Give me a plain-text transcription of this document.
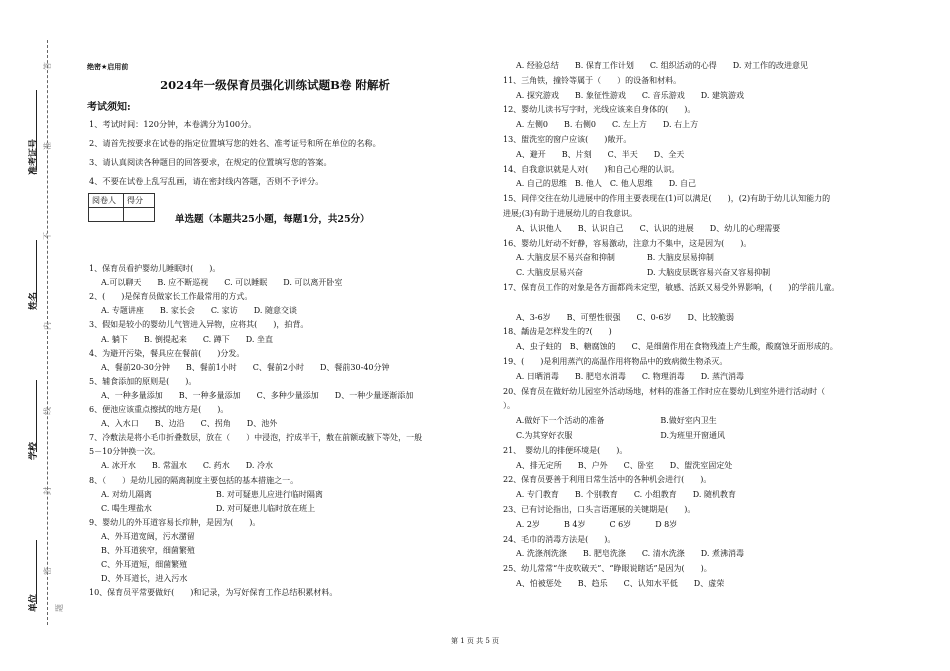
答
准
不
内
线
封
密
题
准考证号
姓名
学校
单位
绝密★启用前
2024年一级保育员强化训练试题B卷 附解析
考试须知:
1、考试时间：120分钟，本卷满分为100分。
2、请首先按要求在试卷的指定位置填写您的姓名、准考证号和所在单位的名称。
3、请认真阅读各种题目的回答要求，在规定的位置填写您的答案。
4、不要在试卷上乱写乱画，请在密封线内答题，否则不予评分。
阅卷人	得分

单选题（本题共25小题，每题1分，共25分）
1、保育员看护婴幼儿睡眠时(　　)。
A.可以聊天　　B. 应不断巡视　　C. 可以睡眠　　D. 可以离开卧室
2、(　　)是保育员做家长工作最常用的方式。
A. 专题讲座　　B. 家长会　　C. 家访　　D. 随意交谈
3、假如是较小的婴幼儿气管进入异物，应将其(　　)，拍背。
A. 躺下　　B. 倒提起来　　C. 蹲下　　D. 坐直
4、为避开污染，餐具应在餐前(　　)分发。
A、餐前20-30分钟　　B、餐前1小时　　C、餐前2小时　　D、餐前30-40分钟
5、辅食添加的原则是(　　)。
A、一种多量添加　　B、一种多量添加　　C、多种少量添加　　D、一种少量逐渐添加
6、便池应该重点擦拭的地方是(　　)。
A、入水口　　B、边沿　　C、拐角　　D、池外
7、冷敷法是将小毛巾折叠数层，放在（　　）中浸泡，拧成半干，敷在前额或腋下等处，一般
5－10分钟换一次。
A. 冰开水　　B. 常温水　　C. 药水　　D. 冷水
8、（　　）是幼儿园的隔离制度主要包括的基本措施之一。
A. 对幼儿隔离　　　　　　　　B. 对可疑患儿应进行临时隔离
C. 喝生理盐水　　　　　　　　D. 对可疑患儿临时放在班上
9、婴幼儿的外耳道容易长疖肿，是因为(　　)。
A、外耳道宽阔，污水潴留
B、外耳道狭窄，细菌繁殖
C、外耳道短，细菌繁殖
D、外耳道长，进入污水
10、保育员平常要做好(　　)和记录，为写好保育工作总结积累材料。
A. 经验总结　　B. 保育工作计划　　C. 组织活动的心得　　D. 对工作的改进意见
11、三角铁，撞铃等属于（　　）的设备和材料。
A. 探究游戏　　B. 象征性游戏　　C. 音乐游戏　　D. 建筑游戏
12、婴幼儿读书写字时，光线应该来自身体的(　　)。
A. 左侧0　　B. 右侧0　　C. 左上方　　D. 右上方
13、盥洗室的窗户应该(　　)敞开。
A、避开　　B、片刻　　C、半天　　D、全天
14、自我意识就是人对(　　)和自己心理的认识。
A. 自己的思维　B. 他人　C. 他人思维　　D. 自己
15、同伴交往在幼儿进展中的作用主要表现在(1)可以满足(　　)，(2)有助于幼儿认知能力的
进展;(3)有助于进展幼儿的自我意识。
A、认识他人　　B、认识自己　　C、认识的进展　　D、幼儿的心理需要
16、婴幼儿好动不好静，容易激动，注意力不集中，这是因为(　　)。
A. 大脑皮层不易兴奋和抑制　　　　B. 大脑皮层易抑制
C. 大脑皮层易兴奋　　　　　　　　D. 大脑皮层既容易兴奋又容易抑制
17、保育员工作的对象是各方面都尚未定型，敏感、活跃又易受外界影响，(　　)的学前儿童。
A、3-6岁　　B、可塑性很强　　C、0-6岁　　D、比较脆弱
18、龋齿是怎样发生的?(　　)
A、虫子蛀的　B、糖腐蚀的　　C、是细菌作用在食物残渣上产生酸，酸腐蚀牙面形成的。
19、(　　)是利用蒸汽的高温作用将物品中的致病微生物杀灭。
A. 日晒消毒　　B. 肥皂水消毒　　C. 物理消毒　　D. 蒸汽消毒
20、保育员在做好幼儿园室外活动场地，材料的准备工作时应在婴幼儿到室外进行活动时（
）。
A.做好下一个活动的准备　　　　　　　B.做好室内卫生
C.为其穿好衣服　　　　　　　　　　　D.为班里开窗通风
21、　婴幼儿的排便环境是(　　)。
A、排无定所　　B、户外　　C、卧室　　D、盥洗室固定处
22、保育员要善于利用日常生活中的各种机会进行(　　)。
A. 专门教育　　B. 个别教育　　C. 小组教育　　D. 随机教育
23、已有讨论指出，口头言语運展的关键期是(　　)。
A. 2岁　　　B 4岁　　　C 6岁　　　D 8岁
24、毛巾的消毒方法是(　　)。
A. 洗涤剂洗涤　　B. 肥皂洗涤　　C. 清水洗涤　　D. 煮沸消毒
25、幼儿常常“牛皮吹破天”、“睁眼说瞎话”是因为(　　)。
A、怕被惩处　　B、趋乐　　C、认知水平低　　D、虚荣
第 1 页 共 5 页
